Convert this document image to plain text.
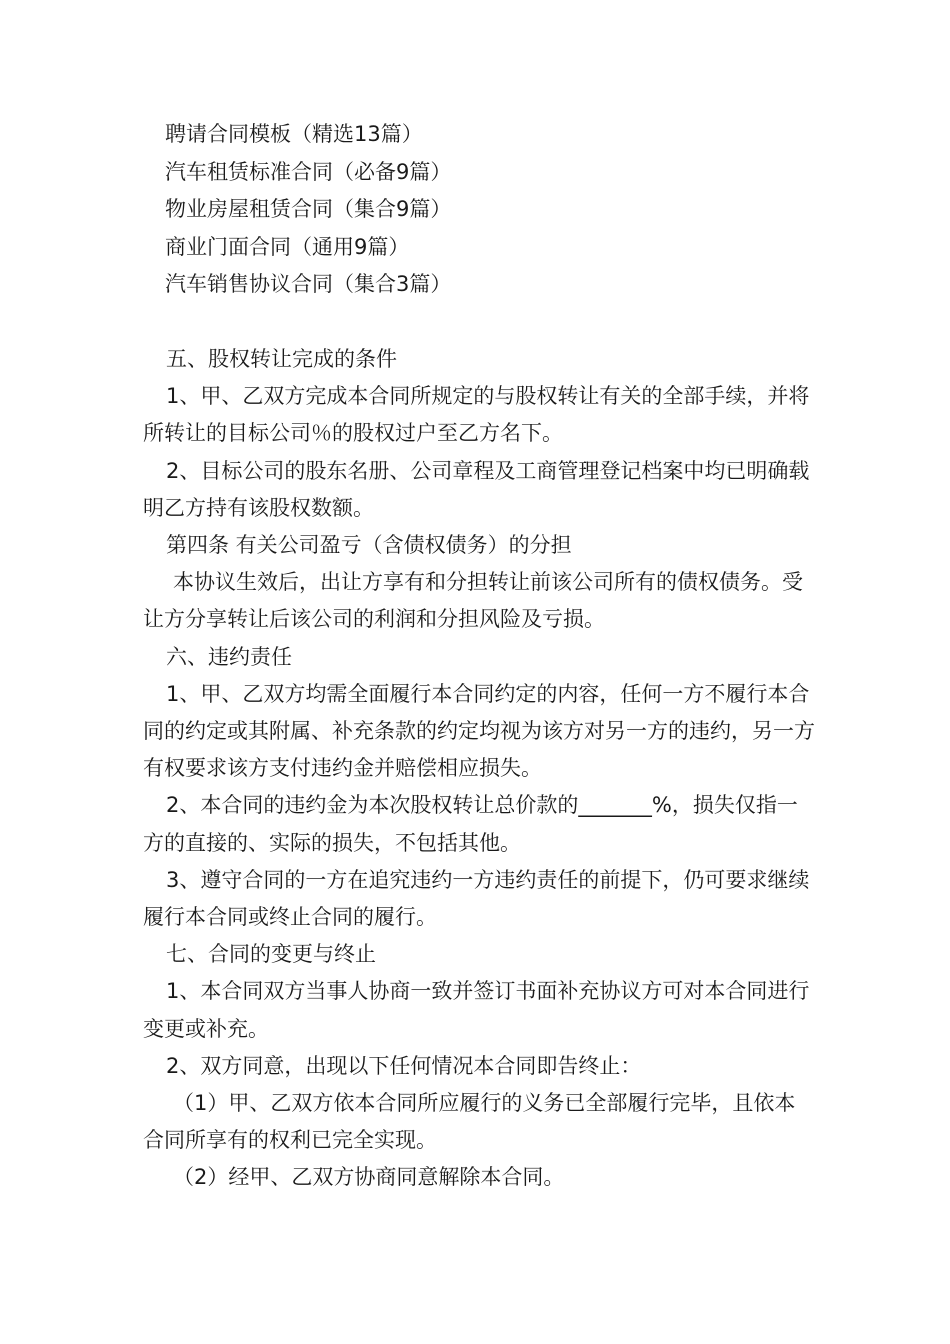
聘请合同模板（精选13篇）
汽车租赁标准合同（必备9篇）
物业房屋租赁合同（集合9篇）
商业门面合同（通用9篇）
汽车销售协议合同（集合3篇）

五、股权转让完成的条件

1、甲、乙双方完成本合同所规定的与股权转让有关的全部手续，并将所转让的目标公司％的股权过户至乙方名下。

2、目标公司的股东名册、公司章程及工商管理登记档案中均已明确载明乙方持有该股权数额。

第四条 有关公司盈亏（含债权债务）的分担

本协议生效后，出让方享有和分担转让前该公司所有的债权债务。受让方分享转让后该公司的利润和分担风险及亏损。

六、违约责任

1、甲、乙双方均需全面履行本合同约定的内容，任何一方不履行本合同的约定或其附属、补充条款的约定均视为该方对另一方的违约，另一方有权要求该方支付违约金并赔偿相应损失。

2、本合同的违约金为本次股权转让总价款的_______%，损失仅指一方的直接的、实际的损失，不包括其他。

3、遵守合同的一方在追究违约一方违约责任的前提下，仍可要求继续履行本合同或终止合同的履行。

七、合同的变更与终止

1、本合同双方当事人协商一致并签订书面补充协议方可对本合同进行变更或补充。

2、双方同意，出现以下任何情况本合同即告终止：

（1）甲、乙双方依本合同所应履行的义务已全部履行完毕，且依本合同所享有的权利已完全实现。

（2）经甲、乙双方协商同意解除本合同。
